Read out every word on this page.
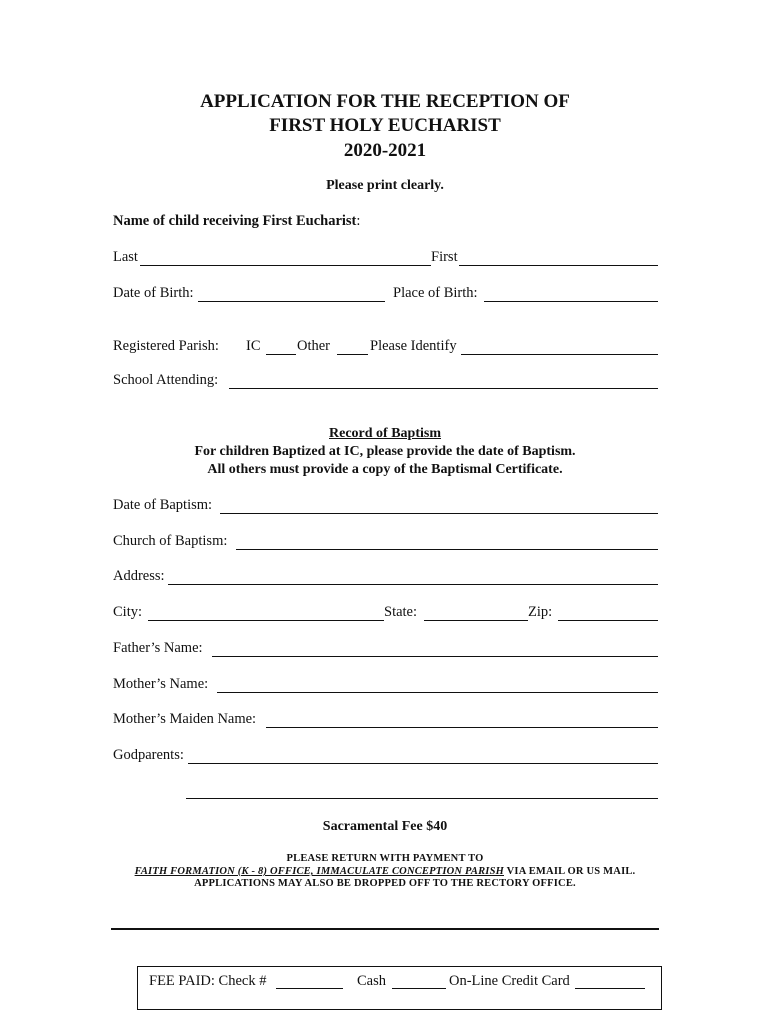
APPLICATION FOR THE RECEPTION OF
FIRST HOLY EUCHARIST
2020-2021
Please print clearly.
Name of child receiving First Eucharist:
Last	First
Date of Birth:	Place of Birth:
Registered Parish: IC	Other	Please Identify
School Attending:
Record of Baptism
For children Baptized at IC, please provide the date of Baptism.
All others must provide a copy of the Baptismal Certificate.
Date of Baptism:
Church of Baptism:
Address:
City:	State:	Zip:
Father’s Name:
Mother’s Name:
Mother’s Maiden Name:
Godparents:
Sacramental Fee $40
PLEASE RETURN WITH PAYMENT TO
FAITH FORMATION (K - 8) OFFICE, IMMACULATE CONCEPTION PARISH VIA EMAIL OR US MAIL.
APPLICATIONS MAY ALSO BE DROPPED OFF TO THE RECTORY OFFICE.
FEE PAID: Check #	Cash	On-Line Credit Card
